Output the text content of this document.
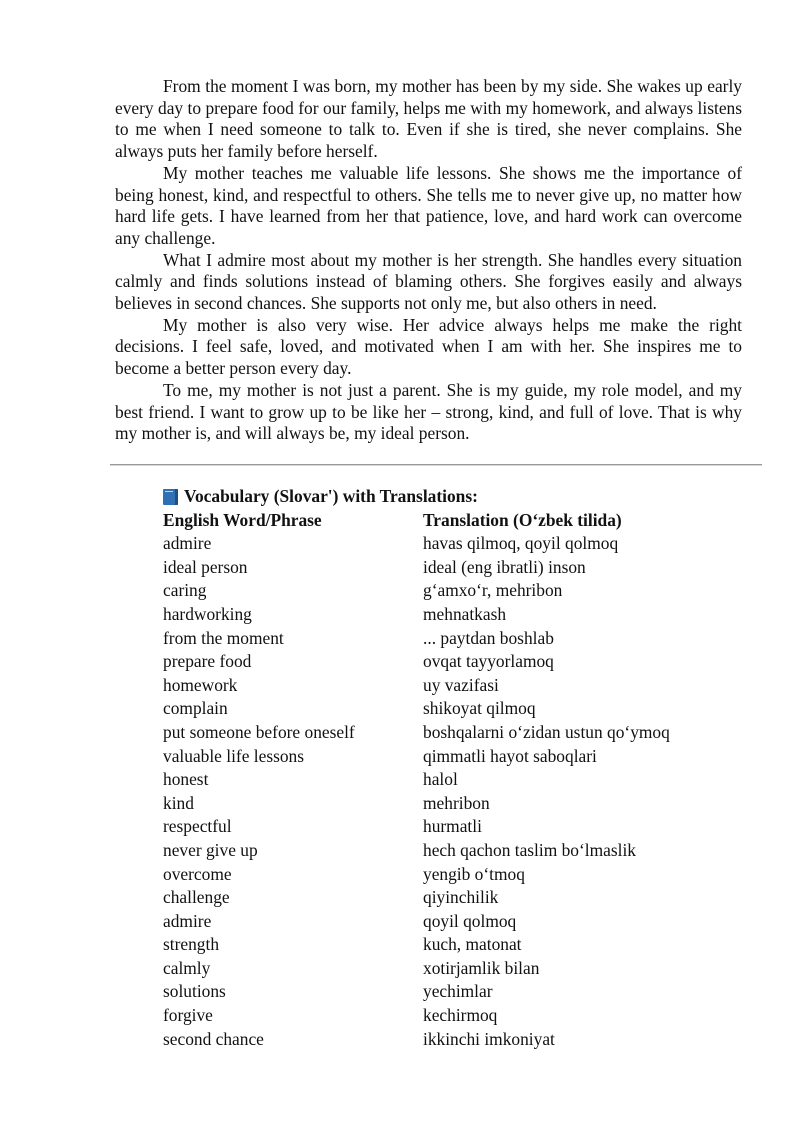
From the moment I was born, my mother has been by my side. She wakes up early every day to prepare food for our family, helps me with my homework, and always listens to me when I need someone to talk to. Even if she is tired, she never complains. She always puts her family before herself.

My mother teaches me valuable life lessons. She shows me the importance of being honest, kind, and respectful to others. She tells me to never give up, no matter how hard life gets. I have learned from her that patience, love, and hard work can overcome any challenge.

What I admire most about my mother is her strength. She handles every situation calmly and finds solutions instead of blaming others. She forgives easily and always believes in second chances. She supports not only me, but also others in need.

My mother is also very wise. Her advice always helps me make the right decisions. I feel safe, loved, and motivated when I am with her. She inspires me to become a better person every day.

To me, my mother is not just a parent. She is my guide, my role model, and my best friend. I want to grow up to be like her – strong, kind, and full of love. That is why my mother is, and will always be, my ideal person.

Vocabulary (Slovar') with Translations:
English Word/Phrase	Translation (O‘zbek tilida)
admire	havas qilmoq, qoyil qolmoq
ideal person	ideal (eng ibratli) inson
caring	g‘amxo‘r, mehribon
hardworking	mehnatkash
from the moment	... paytdan boshlab
prepare food	ovqat tayyorlamoq
homework	uy vazifasi
complain	shikoyat qilmoq
put someone before oneself	boshqalarni o‘zidan ustun qo‘ymoq
valuable life lessons	qimmatli hayot saboqlari
honest	halol
kind	mehribon
respectful	hurmatli
never give up	hech qachon taslim bo‘lmaslik
overcome	yengib o‘tmoq
challenge	qiyinchilik
admire	qoyil qolmoq
strength	kuch, matonat
calmly	xotirjamlik bilan
solutions	yechimlar
forgive	kechirmoq
second chance	ikkinchi imkoniyat
